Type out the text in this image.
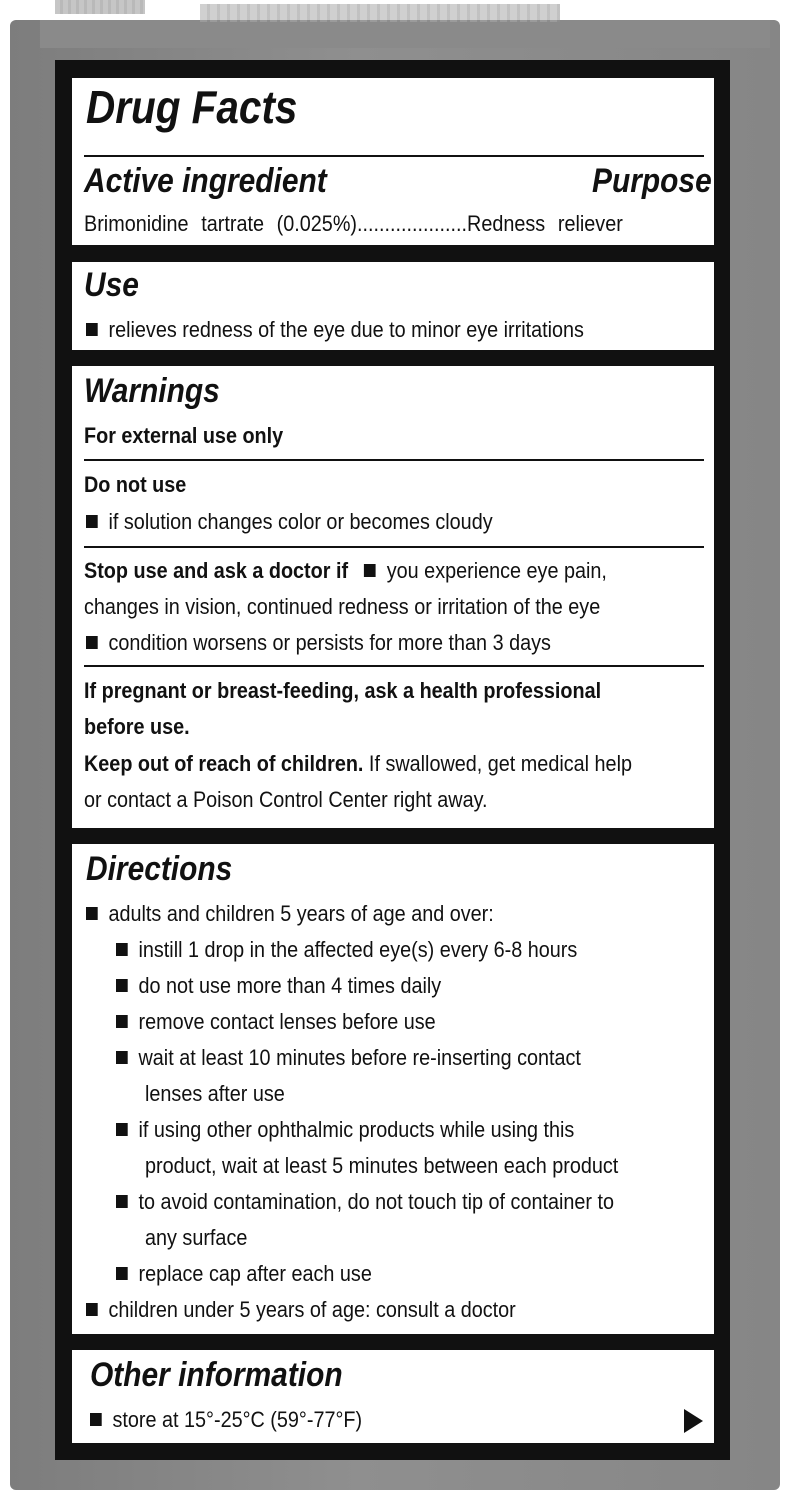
Drug Facts
Active ingredient	Purpose
Brimonidine tartrate (0.025%)....................Redness reliever
Use
relieves redness of the eye due to minor eye irritations
Warnings
For external use only
Do not use
if solution changes color or becomes cloudy
Stop use and ask a doctor if you experience eye pain,
changes in vision, continued redness or irritation of the eye
condition worsens or persists for more than 3 days
If pregnant or breast-feeding, ask a health professional
before use.
Keep out of reach of children. If swallowed, get medical help
or contact a Poison Control Center right away.
Directions
adults and children 5 years of age and over:
instill 1 drop in the affected eye(s) every 6-8 hours
do not use more than 4 times daily
remove contact lenses before use
wait at least 10 minutes before re-inserting contact
lenses after use
if using other ophthalmic products while using this
product, wait at least 5 minutes between each product
to avoid contamination, do not touch tip of container to
any surface
replace cap after each use
children under 5 years of age: consult a doctor
Other information
store at 15°-25°C (59°-77°F)
